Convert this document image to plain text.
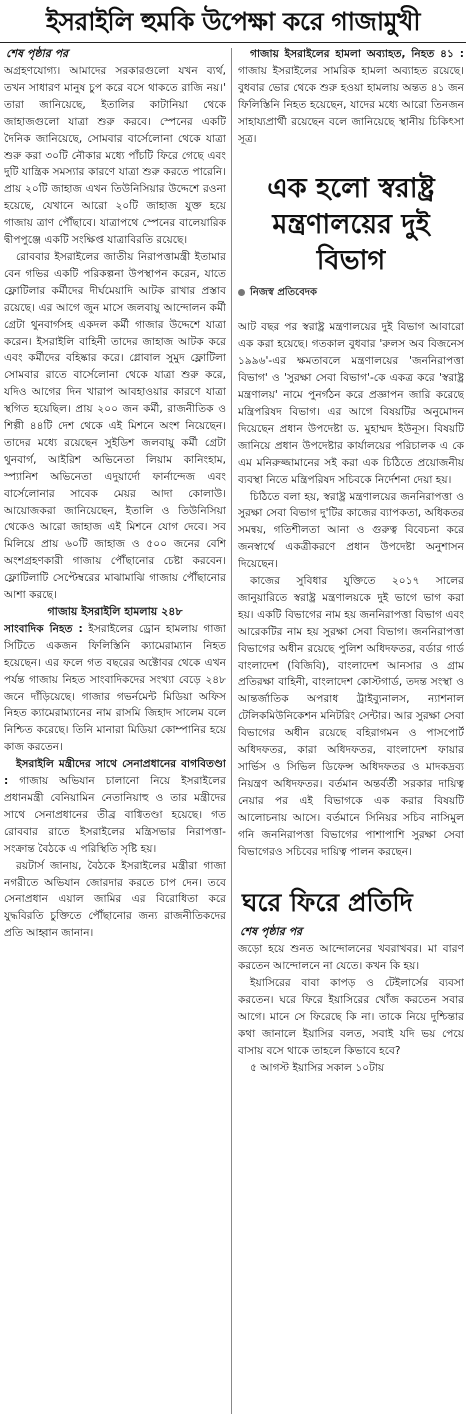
ইসরাইলি হুমকি উপেক্ষা করে গাজামুখী
শেষ পৃষ্ঠার পর

অগ্রহণযোগ্য। আমাদের সরকারগুলো যখন ব্যর্থ, তখন সাধারণ মানুষ চুপ করে বসে থাকতে রাজি নয়।' তারা জানিয়েছে, ইতালির কাটানিয়া থেকে জাহাজগুলো যাত্রা শুরু করবে। স্পেনের একটি দৈনিক জানিয়েছে, সোমবার বার্সেলোনা থেকে যাত্রা শুরু করা ৩০টি নৌকার মধ্যে পাঁচটি ফিরে গেছে এবং দুটি যান্ত্রিক সমস্যার কারণে যাত্রা শুরু করতে পারেনি। প্রায় ২০টি জাহাজ এখন তিউনিসিয়ার উদ্দেশে রওনা হয়েছে, যেখানে আরো ২০টি জাহাজ যুক্ত হয়ে গাজায় ত্রাণ পৌঁছাবে। যাত্রাপথে স্পেনের বালেয়ারিক দ্বীপপুঞ্জে একটি সংক্ষিপ্ত যাত্রাবিরতি রয়েছে।

রোববার ইসরাইলের জাতীয় নিরাপত্তামন্ত্রী ইতামার বেন গভির একটি পরিকল্পনা উপস্থাপন করেন, যাতে ফ্লোটিলার কর্মীদের দীর্ঘমেয়াদি আটক রাখার প্রস্তাব রয়েছে। এর আগে জুন মাসে জলবায়ু আন্দোলন কর্মী গ্রেটা থুনবার্গসহ একদল কর্মী গাজার উদ্দেশে যাত্রা করেন। ইসরাইলি বাহিনী তাদের জাহাজ আটক করে এবং কর্মীদের বহিষ্কার করে। গ্লোবাল সুমুদ ফ্লোটিলা সোমবার রাতে বার্সেলোনা থেকে যাত্রা শুরু করে, যদিও আগের দিন খারাপ আবহাওয়ার কারণে যাত্রা স্থগিত হয়েছিল। প্রায় ২০০ জন কর্মী, রাজনীতিক ও শিল্পী ৪৪টি দেশ থেকে এই মিশনে অংশ নিয়েছেন। তাদের মধ্যে রয়েছেন সুইডিশ জলবায়ু কর্মী গ্রেটা থুনবার্গ, আইরিশ অভিনেতা লিয়াম কানিংহাম, স্প্যানিশ অভিনেতা এদুয়ার্দো ফার্নান্দেজ এবং বার্সেলোনার সাবেক মেয়র আদা কোলাউ। আয়োজকরা জানিয়েছেন, ইতালি ও তিউনিসিয়া থেকেও আরো জাহাজ এই মিশনে যোগ দেবে। সব মিলিয়ে প্রায় ৬০টি জাহাজ ও ৫০০ জনের বেশি অংশগ্রহণকারী গাজায় পৌঁছানোর চেষ্টা করবেন। ফ্লোটিলাটি সেপ্টেম্বরের মাঝামাঝি গাজায় পৌঁছানোর আশা করছে।

গাজায় ইসরাইলি হামলায় ২৪৮

সাংবাদিক নিহত : ইসরাইলের ড্রোন হামলায় গাজা সিটিতে একজন ফিলিস্তিনি ক্যামেরাম্যান নিহত হয়েছেন। এর ফলে গত বছরের অক্টোবর থেকে এখন পর্যন্ত গাজায় নিহত সাংবাদিকদের সংখ্যা বেড়ে ২৪৮ জনে দাঁড়িয়েছে। গাজার গভর্নমেন্ট মিডিয়া অফিস নিহত ক্যামেরাম্যানের নাম রাসমি জিহাদ সালেম বলে নিশ্চিত করেছে। তিনি মানারা মিডিয়া কোম্পানির হয়ে কাজ করতেন।

ইসরাইলি মন্ত্রীদের সাথে সেনাপ্রধানের বাগবিতণ্ডা : গাজায় অভিযান চালানো নিয়ে ইসরাইলের প্রধানমন্ত্রী বেনিয়ামিন নেতানিয়াহু ও তার মন্ত্রীদের সাথে সেনাপ্রধানের তীব্র বাগ্বিতণ্ডা হয়েছে। গত রোববার রাতে ইসরাইলের মন্ত্রিসভার নিরাপত্তা-সংক্রান্ত বৈঠকে এ পরিস্থিতি সৃষ্টি হয়।

রয়টার্স জানায়, বৈঠকে ইসরাইলের মন্ত্রীরা গাজা নগরীতে অভিযান জোরদার করতে চাপ দেন। তবে সেনাপ্রধান এয়াল জামির এর বিরোধিতা করে যুদ্ধবিরতি চুক্তিতে পৌঁছানোর জন্য রাজনীতিকদের প্রতি আহ্বান জানান।

গাজায় ইসরাইলের হামলা অব্যাহত, নিহত ৪১ : গাজায় ইসরাইলের সামরিক হামলা অব্যাহত রয়েছে। বুধবার ভোর থেকে শুরু হওয়া হামলায় অন্তত ৪১ জন ফিলিস্তিনি নিহত হয়েছেন, যাদের মধ্যে আরো তিনজন সাহায্যপ্রার্থী রয়েছেন বলে জানিয়েছে স্থানীয় চিকিৎসা সূত্র।

এক হলো স্বরাষ্ট্র মন্ত্রণালয়ের দুই বিভাগ
নিজস্ব প্রতিবেদক

আট বছর পর স্বরাষ্ট্র মন্ত্রণালয়ের দুই বিভাগ আবারো এক করা হয়েছে। গতকাল বুধবার 'রুলস অব বিজনেস ১৯৯৬'-এর ক্ষমতাবলে মন্ত্রণালয়ের 'জননিরাপত্তা বিভাগ' ও 'সুরক্ষা সেবা বিভাগ'-কে একত্র করে 'স্বরাষ্ট্র মন্ত্রণালয়' নামে পুনর্গঠন করে প্রজ্ঞাপন জারি করেছে মন্ত্রিপরিষদ বিভাগ। এর আগে বিষয়টির অনুমোদন দিয়েছেন প্রধান উপদেষ্টা ড. মুহাম্মদ ইউনূস। বিষয়টি জানিয়ে প্রধান উপদেষ্টার কার্যালয়ের পরিচালক এ কে এম মনিরুজ্জামানের সই করা এক চিঠিতে প্রয়োজনীয় ব্যবস্থা নিতে মন্ত্রিপরিষদ সচিবকে নির্দেশনা দেয়া হয়।

চিঠিতে বলা হয়, স্বরাষ্ট্র মন্ত্রণালয়ের জননিরাপত্তা ও সুরক্ষা সেবা বিভাগ দু'টির কাজের ব্যাপকতা, অধিকতর সমন্বয়, গতিশীলতা আনা ও গুরুত্ব বিবেচনা করে জনস্বার্থে একত্রীকরণে প্রধান উপদেষ্টা অনুশাসন দিয়েছেন।

কাজের সুবিধার যুক্তিতে ২০১৭ সালের জানুয়ারিতে স্বরাষ্ট্র মন্ত্রণালয়কে দুই ভাগে ভাগ করা হয়। একটি বিভাগের নাম হয় জননিরাপত্তা বিভাগ এবং আরেকটির নাম হয় সুরক্ষা সেবা বিভাগ। জননিরাপত্তা বিভাগের অধীন রয়েছে পুলিশ অধিদফতর, বর্ডার গার্ড বাংলাদেশ (বিজিবি), বাংলাদেশ আনসার ও গ্রাম প্রতিরক্ষা বাহিনী, বাংলাদেশ কোস্টগার্ড, তদন্ত সংস্থা ও আন্তর্জাতিক অপরাধ ট্রাইব্যুনালস, ন্যাশনাল টেলিকমিউনিকেশন মনিটরিং সেন্টার। আর সুরক্ষা সেবা বিভাগের অধীন রয়েছে বহিরাগমন ও পাসপোর্ট অধিদফতর, কারা অধিদফতর, বাংলাদেশ ফায়ার সার্ভিস ও সিভিল ডিফেন্স অধিদফতর ও মাদকদ্রব্য নিয়ন্ত্রণ অধিদফতর। বর্তমান অন্তর্বর্তী সরকার দায়িত্ব নেয়ার পর এই বিভাগকে এক করার বিষয়টি আলোচনায় আসে। বর্তমানে সিনিয়র সচিব নাসিমুল গনি জননিরাপত্তা বিভাগের পাশাপাশি সুরক্ষা সেবা বিভাগেরও সচিবের দায়িত্ব পালন করছেন।

ঘরে ফিরে প্রতিদি
শেষ পৃষ্ঠার পর

জড়ো হয়ে শুনত আন্দোলনের খবরাখবর। মা বারণ করতেন আন্দোলনে না যেতে। কখন কি হয়।

ইয়াসিরের বাবা কাপড় ও টেইলার্সের ব্যবসা করতেন। ঘরে ফিরে ইয়াসিরের খোঁজ করতেন সবার আগে। মানে সে ফিরেছে কি না। তাকে নিয়ে দুশ্চিন্তার কথা জানালে ইয়াসির বলত, সবাই যদি ভয় পেয়ে বাসায় বসে থাকে তাহলে কিভাবে হবে?

৫ আগস্ট ইয়াসির সকাল ১০টায়
